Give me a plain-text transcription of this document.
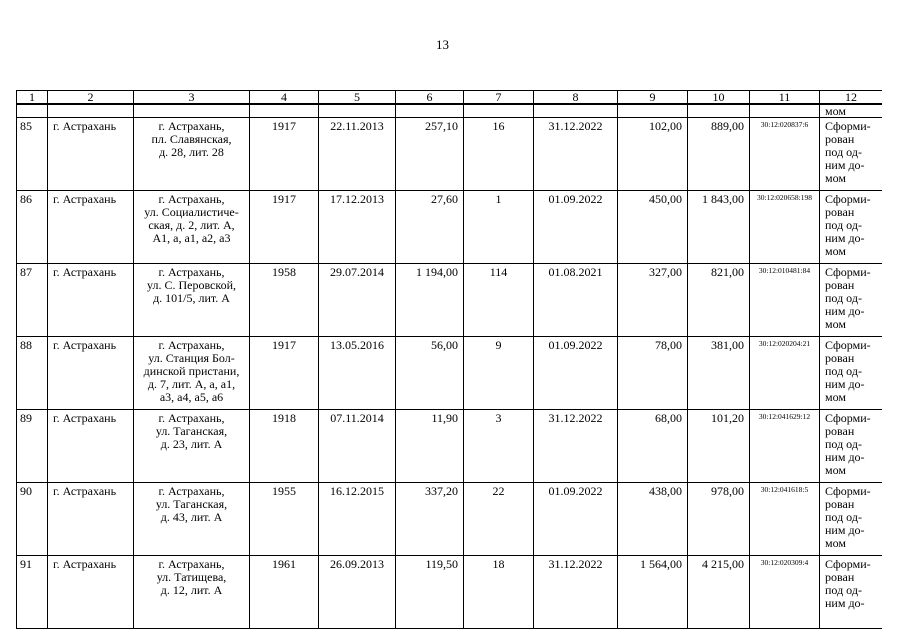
13
1	2	3	4	5	6	7	8	9	10	11	12
											мом
85	г. Астрахань	г. Астрахань,
пл. Славянская,
д. 28, лит. 28	1917	22.11.2013	257,10	16	31.12.2022	102,00	889,00	30:12:020837:6	Сформи-
рован
под од-
ним до-
мом

86	г. Астрахань	г. Астрахань,
ул. Социалистиче-
ская, д. 2, лит. А,
А1, а, а1, а2, а3	1917	17.12.2013	27,60	1	01.09.2022	450,00	1 843,00	30:12:020658:198	Сформи-
рован
под од-
ним до-
мом

87	г. Астрахань	г. Астрахань,
ул. С. Перовской,
д. 101/5, лит. А	1958	29.07.2014	1 194,00	114	01.08.2021	327,00	821,00	30:12:010481:84	Сформи-
рован
под од-
ним до-
мом

88	г. Астрахань	г. Астрахань,
ул. Станция Бол-
динской пристани,
д. 7, лит. А, а, а1,
а3, а4, а5, а6	1917	13.05.2016	56,00	9	01.09.2022	78,00	381,00	30:12:020204:21	Сформи-
рован
под од-
ним до-
мом

89	г. Астрахань	г. Астрахань,
ул. Таганская,
д. 23, лит. А	1918	07.11.2014	11,90	3	31.12.2022	68,00	101,20	30:12:041629:12	Сформи-
рован
под од-
ним до-
мом

90	г. Астрахань	г. Астрахань,
ул. Таганская,
д. 43, лит. А	1955	16.12.2015	337,20	22	01.09.2022	438,00	978,00	30:12:041618:5	Сформи-
рован
под од-
ним до-
мом

91	г. Астрахань	г. Астрахань,
ул. Татищева,
д. 12, лит. А	1961	26.09.2013	119,50	18	31.12.2022	1 564,00	4 215,00	30:12:020309:4	Сформи-
рован
под од-
ним до-
